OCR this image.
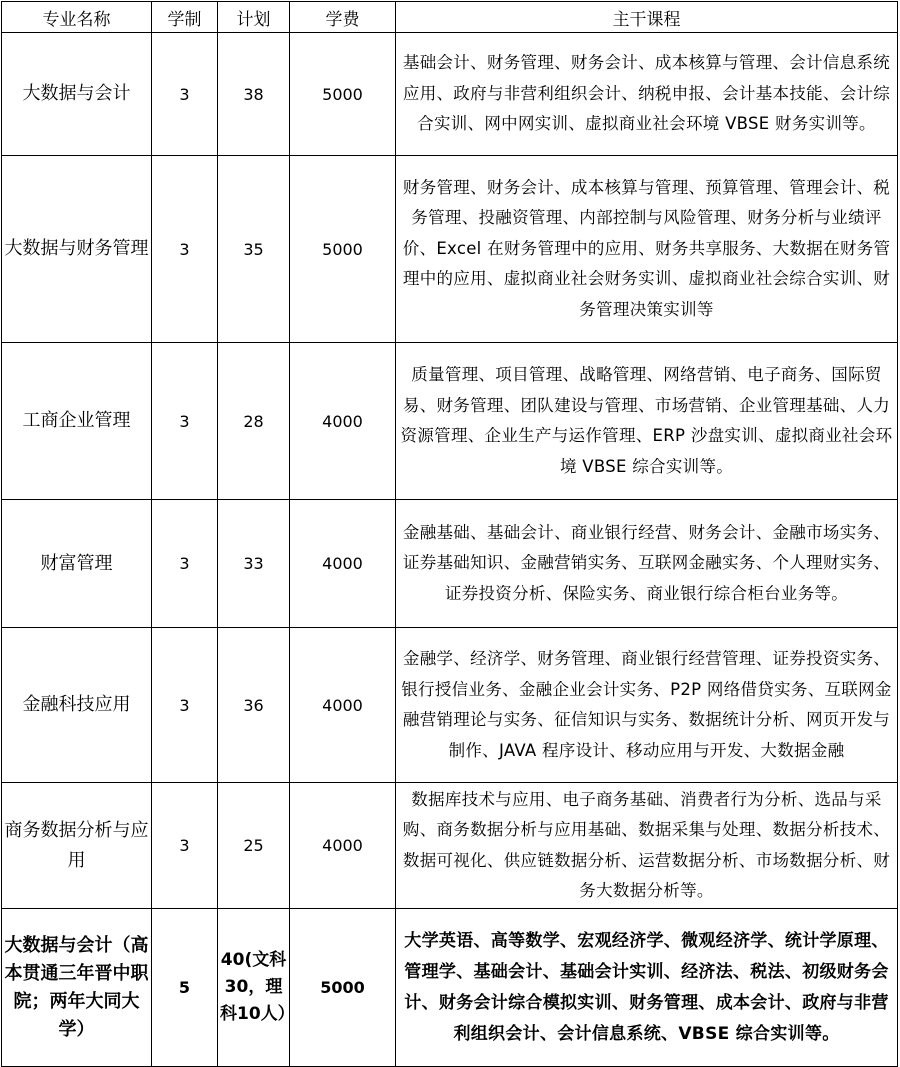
专业名称	学制	计划	学费	主干课程
大数据与会计	3	38	5000	基础会计、财务管理、财务会计、成本核算与管理、会计信息系统应用、政府与非营利组织会计、纳税申报、会计基本技能、会计综合实训、网中网实训、虚拟商业社会环境 VBSE 财务实训等。
大数据与财务管理	3	35	5000	财务管理、财务会计、成本核算与管理、预算管理、管理会计、税务管理、投融资管理、内部控制与风险管理、财务分析与业绩评价、Excel 在财务管理中的应用、财务共享服务、大数据在财务管理中的应用、虚拟商业社会财务实训、虚拟商业社会综合实训、财务管理决策实训等
工商企业管理	3	28	4000	质量管理、项目管理、战略管理、网络营销、电子商务、国际贸易、财务管理、团队建设与管理、市场营销、企业管理基础、人力资源管理、企业生产与运作管理、ERP 沙盘实训、虚拟商业社会环境 VBSE 综合实训等。
财富管理	3	33	4000	金融基础、基础会计、商业银行经营、财务会计、金融市场实务、证券基础知识、金融营销实务、互联网金融实务、个人理财实务、证券投资分析、保险实务、商业银行综合柜台业务等。
金融科技应用	3	36	4000	金融学、经济学、财务管理、商业银行经营管理、证券投资实务、银行授信业务、金融企业会计实务、P2P 网络借贷实务、互联网金融营销理论与实务、征信知识与实务、数据统计分析、网页开发与制作、JAVA 程序设计、移动应用与开发、大数据金融
商务数据分析与应用	3	25	4000	数据库技术与应用、电子商务基础、消费者行为分析、选品与采购、商务数据分析与应用基础、数据采集与处理、数据分析技术、数据可视化、供应链数据分析、运营数据分析、市场数据分析、财务大数据分析等。
大数据与会计（高本贯通三年晋中职院；两年大同大学）	5	40(文科30，理科10人）	5000	大学英语、高等数学、宏观经济学、微观经济学、统计学原理、管理学、基础会计、基础会计实训、经济法、税法、初级财务会计、财务会计综合模拟实训、财务管理、成本会计、政府与非营利组织会计、会计信息系统、VBSE 综合实训等。
